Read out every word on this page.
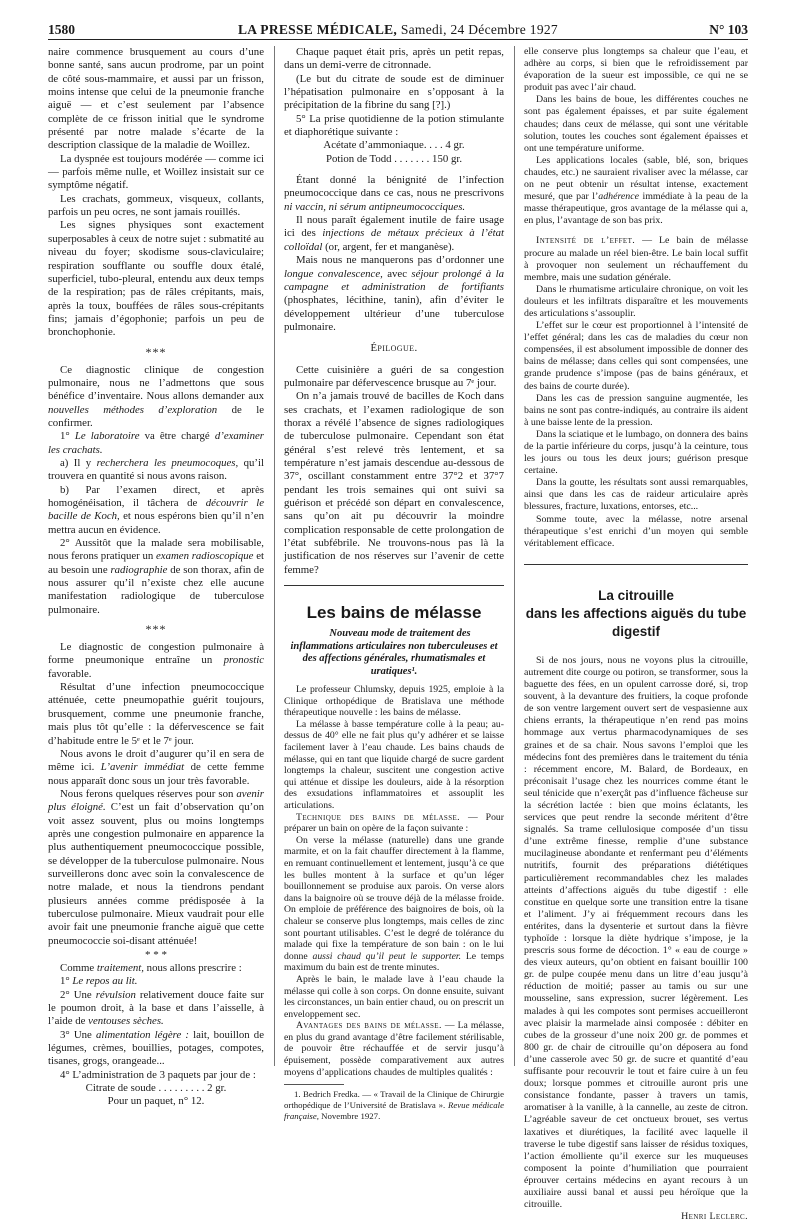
1580	LA PRESSE MÉDICALE, Samedi, 24 Décembre 1927	N° 103

naire commence brusquement au cours d’une bonne santé, sans aucun prodrome, par un point de côté sous-mammaire, et aussi par un frisson, moins intense que celui de la pneumonie franche aiguë — et c’est seulement par l’absence complète de ce frisson initial que le syndrome présenté par notre malade s’écarte de la description classique de la maladie de Woillez.

La dyspnée est toujours modérée — comme ici — parfois même nulle, et Woillez insistait sur ce symptôme négatif.

Les crachats, gommeux, visqueux, collants, parfois un peu ocres, ne sont jamais rouillés.

Les signes physiques sont exactement superposables à ceux de notre sujet : submatité au niveau du foyer; skodisme sous-claviculaire; respiration soufflante ou souffle doux étalé, superficiel, tubo-pleural, entendu aux deux temps de la respiration; pas de râles crépitants, mais, après la toux, bouffées de râles sous-crépitants fins; jamais d’égophonie; parfois un peu de bronchophonie.

***

Ce diagnostic clinique de congestion pulmonaire, nous ne l’admettons que sous bénéfice d’inventaire. Nous allons demander aux nouvelles méthodes d’exploration de le confirmer.

1° Le laboratoire va être chargé d’examiner les crachats.

a) Il y recherchera les pneumocoques, qu’il trouvera en quantité si nous avons raison.

b) Par l’examen direct, et après homogénéisation, il tâchera de découvrir le bacille de Koch, et nous espérons bien qu’il n’en mettra aucun en évidence.

2° Aussitôt que la malade sera mobilisable, nous ferons pratiquer un examen radioscopique et au besoin une radiographie de son thorax, afin de nous assurer qu’il n’existe chez elle aucune manifestation radiologique de tuberculose pulmonaire.

***

Le diagnostic de congestion pulmonaire à forme pneumonique entraîne un pronostic favorable.

Résultat d’une infection pneumococcique atténuée, cette pneumopathie guérit toujours, brusquement, comme une pneumonie franche, mais plus tôt qu’elle : la défervescence se fait d’habitude entre le 5ᵉ et le 7ᵉ jour.

Nous avons le droit d’augurer qu’il en sera de même ici. L’avenir immédiat de cette femme nous apparaît donc sous un jour très favorable.

Nous ferons quelques réserves pour son avenir plus éloigné. C’est un fait d’observation qu’on voit assez souvent, plus ou moins longtemps après une congestion pulmonaire en apparence la plus authentiquement pneumococcique possible, se développer de la tuberculose pulmonaire. Nous surveillerons donc avec soin la convalescence de notre malade, et nous la tiendrons pendant plusieurs années comme prédisposée à la tuberculose pulmonaire. Mieux vaudrait pour elle avoir fait une pneumonie franche aiguë que cette pneumococcie soi-disant atténuée!

* * *

Comme traitement, nous allons prescrire :

1° Le repos au lit.

2° Une révulsion relativement douce faite sur le poumon droit, à la base et dans l’aisselle, à l’aide de ventouses sèches.

3° Une alimentation légère : lait, bouillon de légumes, crèmes, bouillies, potages, compotes, tisanes, grogs, orangeade...

4° L’administration de 3 paquets par jour de :

Citrate de soude . . . . . . . . . 2 gr.

Pour un paquet, n° 12.

Chaque paquet était pris, après un petit repas, dans un demi-verre de citronnade.

(Le but du citrate de soude est de diminuer l’hépatisation pulmonaire en s’opposant à la précipitation de la fibrine du sang [?].)

5° La prise quotidienne de la potion stimulante et diaphorétique suivante :

Acétate d’ammoniaque. . . . 4 gr.

Potion de Todd . . . . . . . 150 gr.

Étant donné la bénignité de l’infection pneumococcique dans ce cas, nous ne prescrivons ni vaccin, ni sérum antipneumococciques.

Il nous paraît également inutile de faire usage ici des injections de métaux précieux à l’état colloïdal (or, argent, fer et manganèse).

Mais nous ne manquerons pas d’ordonner une longue convalescence, avec séjour prolongé à la campagne et administration de fortifiants (phosphates, lécithine, tanin), afin d’éviter le développement ultérieur d’une tuberculose pulmonaire.

Épilogue.

Cette cuisinière a guéri de sa congestion pulmonaire par défervescence brusque au 7ᵉ jour.

On n’a jamais trouvé de bacilles de Koch dans ses crachats, et l’examen radiologique de son thorax a révélé l’absence de signes radiologiques de tuberculose pulmonaire. Cependant son état général s’est relevé très lentement, et sa température n’est jamais descendue au-dessous de 37°, oscillant constamment entre 37°2 et 37°7 pendant les trois semaines qui ont suivi sa guérison et précédé son départ en convalescence, sans qu’on ait pu découvrir la moindre complication responsable de cette prolongation de l’état subfébrile. Ne trouvons-nous pas là la justification de nos réserves sur l’avenir de cette femme?

Les bains de mélasse

Nouveau mode de traitement des inflammations articulaires non tuberculeuses et des affections générales, rhumatismales et uratiques¹.

Le professeur Chlumsky, depuis 1925, emploie à la Clinique orthopédique de Bratislava une méthode thérapeutique nouvelle : les bains de mélasse.

La mélasse à basse température colle à la peau; au-dessus de 40° elle ne fait plus qu’y adhérer et se laisse facilement laver à l’eau chaude. Les bains chauds de mélasse, qui en tant que liquide chargé de sucre gardent longtemps la chaleur, suscitent une congestion active qui atténue et dissipe les douleurs, aide à la résorption des exsudations inflammatoires et assouplit les articulations.

Technique des bains de mélasse. — Pour préparer un bain on opère de la façon suivante :

On verse la mélasse (naturelle) dans une grande marmite, et on la fait chauffer directement à la flamme, en remuant continuellement et lentement, jusqu’à ce que les bulles montent à la surface et qu’un léger bouillonnement se produise aux parois. On verse alors dans la baignoire où se trouve déjà de la mélasse froide. On emploie de préférence des baignoires de bois, où la chaleur se conserve plus longtemps, mais celles de zinc sont pourtant utilisables. C’est le degré de tolérance du malade qui fixe la température de son bain : on le lui donne aussi chaud qu’il peut le supporter. Le temps maximum du bain est de trente minutes.

Après le bain, le malade lave à l’eau chaude la mélasse qui colle à son corps. On donne ensuite, suivant les circonstances, un bain entier chaud, ou on prescrit un enveloppement sec.

Avantages des bains de mélasse. — La mélasse, en plus du grand avantage d’être facilement stérilisable, de pouvoir être réchauffée et de servir jusqu’à épuisement, possède comparativement aux autres moyens d’applications chaudes de multiples qualités :

1. Bedrich Fredka. — « Travail de la Clinique de Chirurgie orthopédique de l’Université de Bratislava ». Revue médicale française, Novembre 1927.

elle conserve plus longtemps sa chaleur que l’eau, et adhère au corps, si bien que le refroidissement par évaporation de la sueur est impossible, ce qui ne se produit pas avec l’air chaud.

Dans les bains de boue, les différentes couches ne sont pas également épaisses, et par suite également chaudes; dans ceux de mélasse, qui sont une véritable solution, toutes les couches sont également épaisses et ont une température uniforme.

Les applications locales (sable, blé, son, briques chaudes, etc.) ne sauraient rivaliser avec la mélasse, car on ne peut obtenir un résultat intense, exactement mesuré, que par l’adhérence immédiate à la peau de la masse thérapeutique, gros avantage de la mélasse qui a, en plus, l’avantage de son bas prix.

Intensité de l’effet. — Le bain de mélasse procure au malade un réel bien-être. Le bain local suffit à provoquer non seulement un réchauffement du membre, mais une sudation générale.

Dans le rhumatisme articulaire chronique, on voit les douleurs et les infiltrats disparaître et les mouvements des articulations s’assouplir.

L’effet sur le cœur est proportionnel à l’intensité de l’effet général; dans les cas de maladies du cœur non compensées, il est absolument impossible de donner des bains de mélasse; dans celles qui sont compensées, une grande prudence s’impose (pas de bains généraux, et des bains de courte durée).

Dans les cas de pression sanguine augmentée, les bains ne sont pas contre-indiqués, au contraire ils aident à une baisse lente de la pression.

Dans la sciatique et le lumbago, on donnera des bains de la partie inférieure du corps, jusqu’à la ceinture, tous les jours ou tous les deux jours; guérison presque certaine.

Dans la goutte, les résultats sont aussi remarquables, ainsi que dans les cas de raideur articulaire après blessures, fracture, luxations, entorses, etc...

Somme toute, avec la mélasse, notre arsenal thérapeutique s’est enrichi d’un moyen qui semble véritablement efficace.

La citrouille
dans les affections aiguës du tube digestif

Si de nos jours, nous ne voyons plus la citrouille, autrement dite courge ou potiron, se transformer, sous la baguette des fées, en un opulent carrosse doré, si, trop souvent, à la devanture des fruitiers, la coque profonde de son ventre largement ouvert sert de vespasienne aux chiens errants, la thérapeutique n’en rend pas moins hommage aux vertus pharmacodynamiques de ses graines et de sa chair. Nous savons l’emploi que les médecins font des premières dans le traitement du ténia : récemment encore, M. Balard, de Bordeaux, en préconisait l’usage chez les nourrices comme étant le seul ténicide que n’exerçât pas d’influence fâcheuse sur la sécrétion lactée : bien que moins éclatants, les services que peut rendre la seconde méritent d’être signalés. Sa trame cellulosique composée d’un tissu d’une extrême finesse, remplie d’une substance mucilagineuse abondante et renfermant peu d’éléments nutritifs, fournit des préparations diététiques particulièrement recommandables chez les malades atteints d’affections aiguës du tube digestif : elle constitue en quelque sorte une transition entre la tisane et l’aliment. J’y ai fréquemment recours dans les entérites, dans la dysenterie et surtout dans la fièvre typhoïde : lorsque la diète hydrique s’impose, je la prescris sous forme de décoction. 1° « eau de courge » des vieux auteurs, qu’on obtient en faisant bouillir 100 gr. de pulpe coupée menu dans un litre d’eau jusqu’à réduction de moitié; passer au tamis ou sur une mousseline, sans expression, sucrer légèrement. Les malades à qui les compotes sont permises accueilleront avec plaisir la marmelade ainsi composée : débiter en cubes de la grosseur d’une noix 200 gr. de pommes et 800 gr. de chair de citrouille qu’on déposera au fond d’une casserole avec 50 gr. de sucre et quantité d’eau suffisante pour recouvrir le tout et faire cuire à un feu doux; lorsque pommes et citrouille auront pris une consistance fondante, passer à travers un tamis, aromatiser à la vanille, à la cannelle, au zeste de citron. L’agréable saveur de cet onctueux brouet, ses vertus laxatives et diurétiques, la facilité avec laquelle il traverse le tube digestif sans laisser de résidus toxiques, l’action émolliente qu’il exerce sur les muqueuses composent la pointe d’humiliation que pourraient éprouver certains médecins en ayant recours à un auxiliaire aussi banal et aussi peu héroïque que la citrouille.

Henri Leclerc.
